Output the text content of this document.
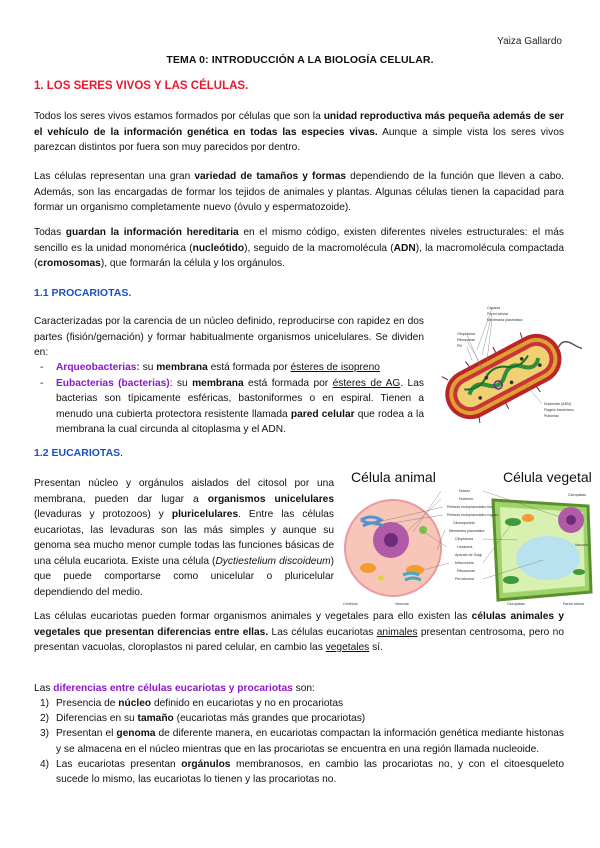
Yaiza Gallardo
TEMA 0: INTRODUCCIÓN A LA BIOLOGÍA CELULAR.
1. LOS SERES VIVOS Y LAS CÉLULAS.
Todos los seres vivos estamos formados por células que son la unidad reproductiva más pequeña además de ser el vehículo de la información genética en todas las especies vivas. Aunque a simple vista los seres vivos parezcan distintos por fuera son muy parecidos por dentro.
Las células representan una gran variedad de tamaños y formas dependiendo de la función que lleven a cabo. Además, son las encargadas de formar los tejidos de animales y plantas. Algunas células tienen la capacidad para formar un organismo completamente nuevo (óvulo y espermatozoide).
Todas guardan la información hereditaria en el mismo código, existen diferentes niveles estructurales: el más sencillo es la unidad monomérica (nucleótido), seguido de la macromolécula (ADN), la macromolécula compactada (cromosomas), que formarán la célula y los orgánulos.
1.1 PROCARIOTAS.
Caracterizadas por la carencia de un núcleo definido, reproducirse con rapidez en dos partes (fisión/gemación) y formar habitualmente organismos unicelulares. Se dividen en:
- Arqueobacterias: su membrana está formada por ésteres de isopreno
- Eubacterias (bacterias): su membrana está formada por ésteres de AG. Las bacterias son típicamente esféricas, bastoniformes o en espiral. Tienen a menudo una cubierta protectora resistente llamada pared celular que rodea a la membrana la cual circunda al citoplasma y el ADN.
Cápsula
Pared celular
Membrana plasmática
Citoplasma
Ribosomas
Pili
Nucleoide (ADN)
Flagelo bacteriano
Plásmido
1.2 EUCARIOTAS.
Presentan núcleo y orgánulos aislados del citosol por una membrana, pueden dar lugar a organismos unicelulares (levaduras y protozoos) y pluricelulares. Entre las células eucariotas, las levaduras son las más simples y aunque su genoma sea mucho menor cumple todas las funciones básicas de una célula eucariota. Existe una célula (Dyctiestelium discoideum) que puede comportarse como unicelular o pluricelular dependiendo del medio.
Las células eucariotas pueden formar organismos animales y vegetales para ello existen las células animales y vegetales que presentan diferencias entre ellas. Las células eucariotas animales presentan centrosoma, pero no presentan vacuolas, cloroplastos ni pared celular, en cambio las vegetales sí.
Célula animal	Célula vegetal
Núcleo
Nucléolo
Retículo endoplasmático liso
Retículo endoplasmático rugoso
Citoesqueleto
Membrana plasmática
Citoplasma
Lisosoma
Aparato de Golgi
Mitocondria
Ribosomas
Peroxisoma
Centríolo	Vesícula	Cloroplasto	Pared celular
Cloroplasto
Vacuola
Las diferencias entre células eucariotas y procariotas son:
1) Presencia de núcleo definido en eucariotas y no en procariotas
2) Diferencias en su tamaño (eucariotas más grandes que procariotas)
3) Presentan el genoma de diferente manera, en eucariotas compactan la información genética mediante histonas y se almacena en el núcleo mientras que en las procariotas se encuentra en una región llamada nucleoide.
4) Las eucariotas presentan orgánulos membranosos, en cambio las procariotas no, y con el citoesqueleto sucede lo mismo, las eucariotas lo tienen y las procariotas no.
